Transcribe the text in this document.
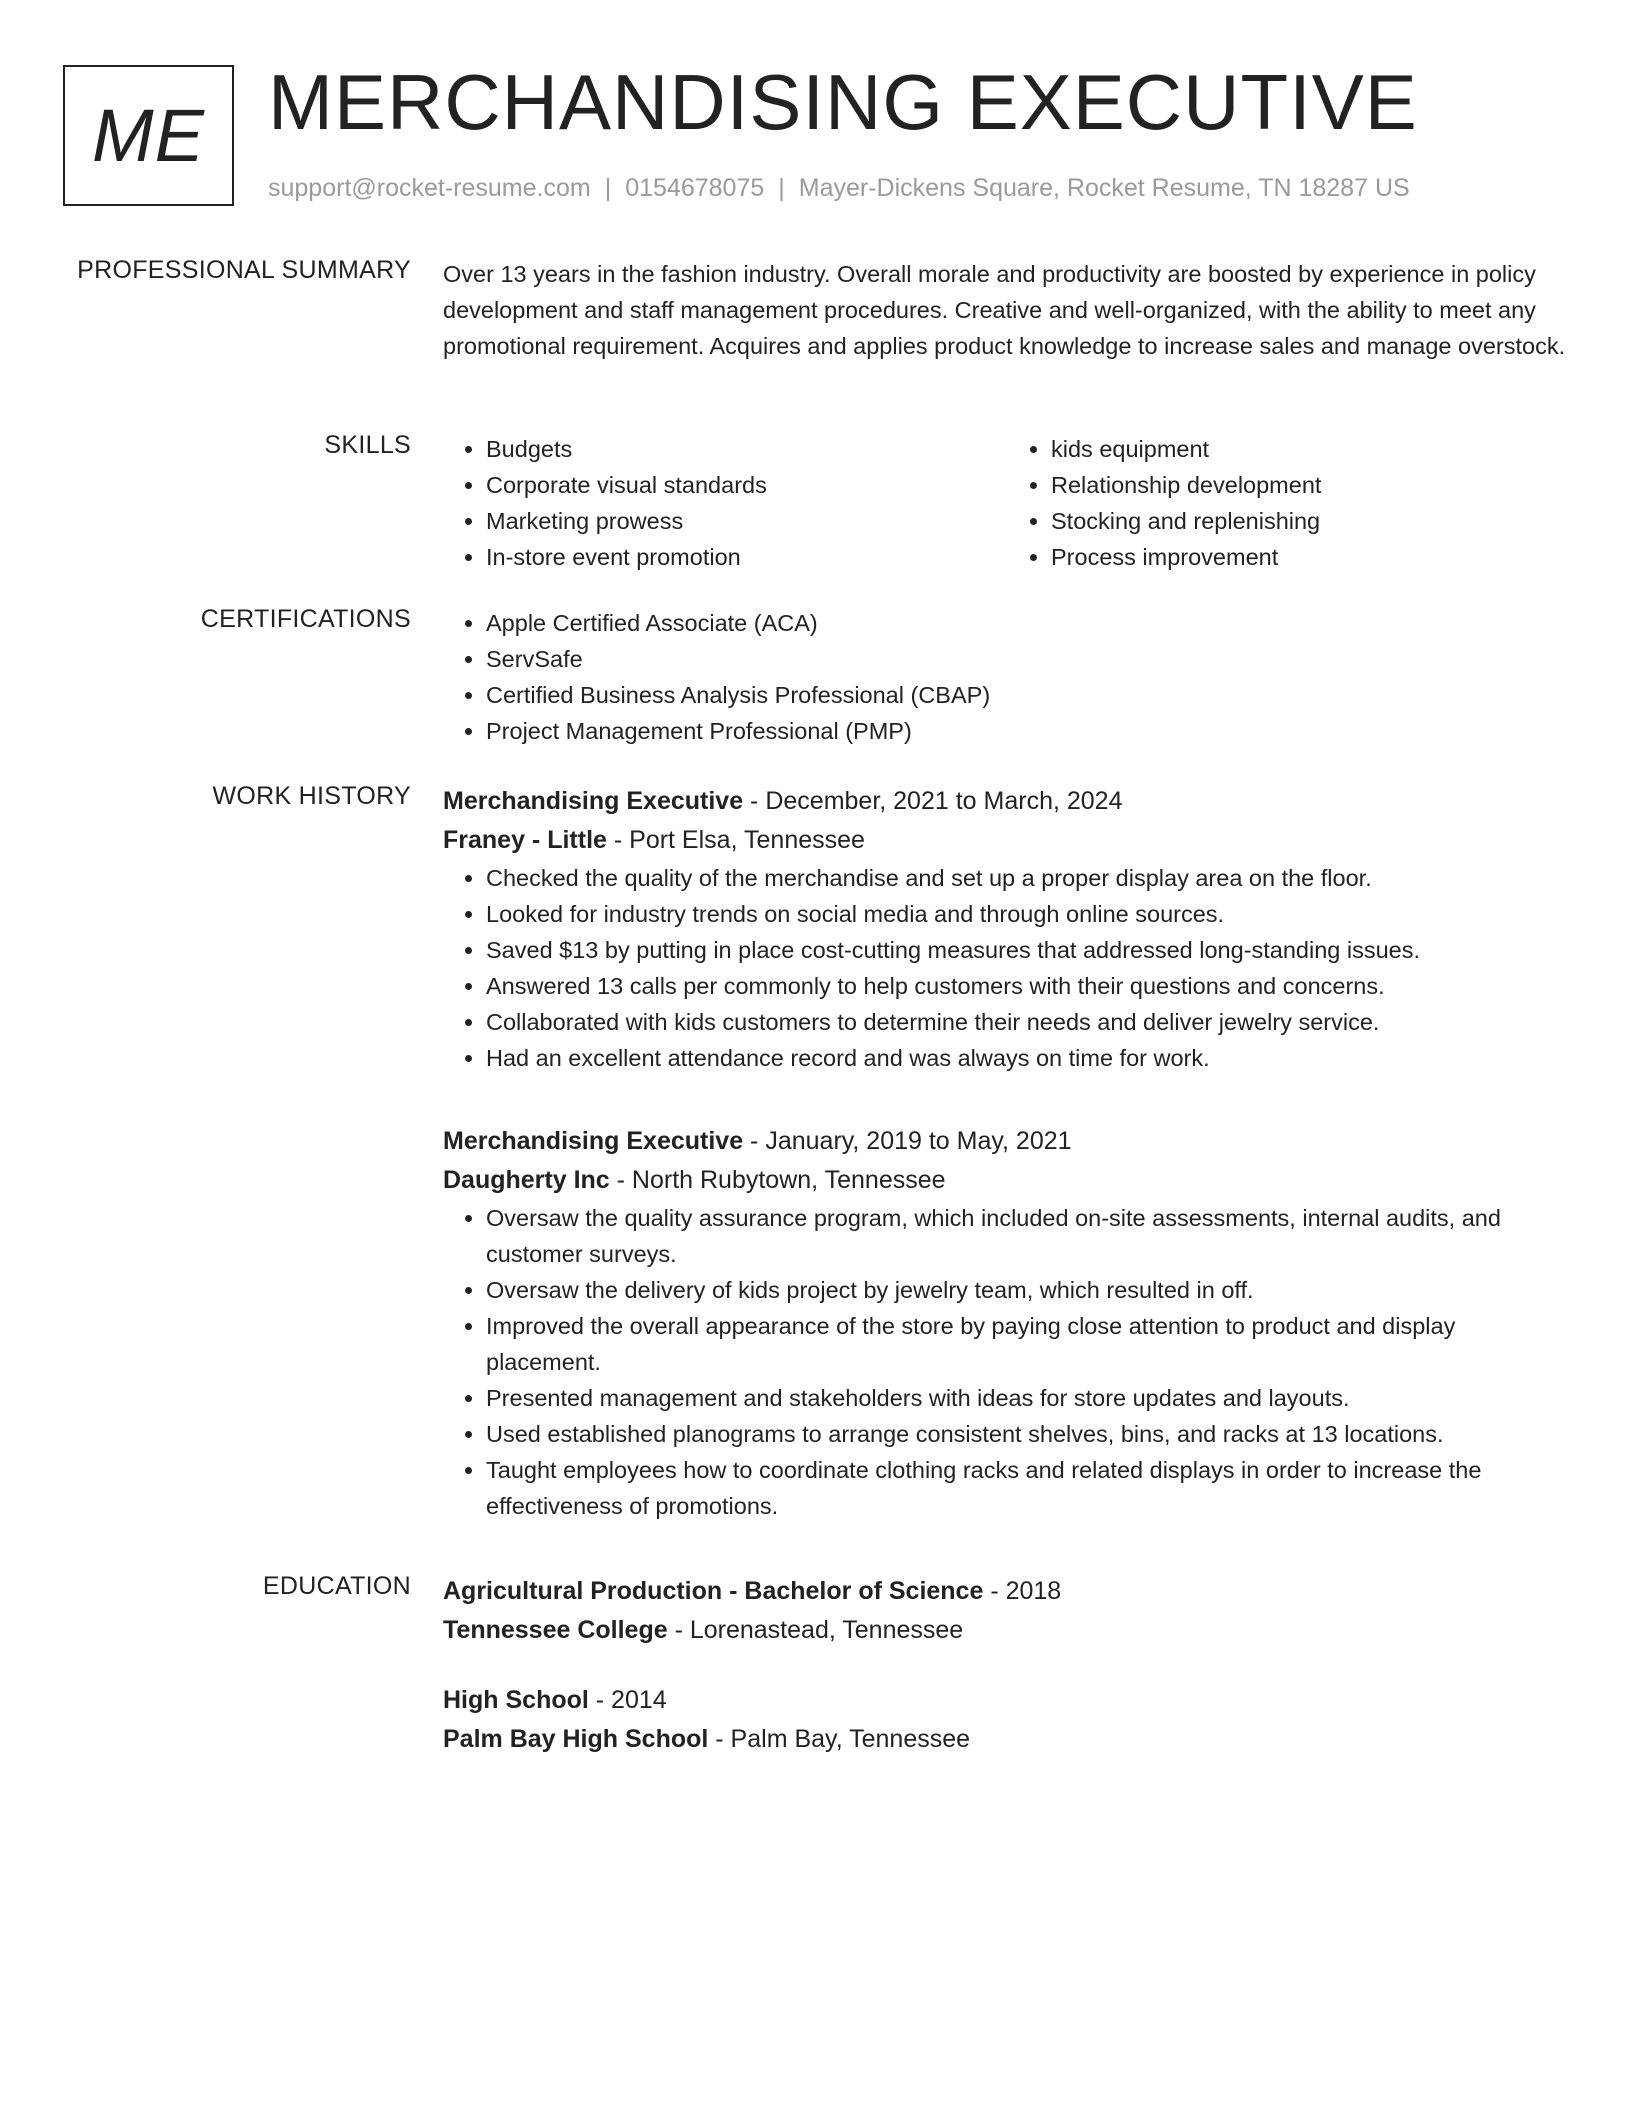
ME MERCHANDISING EXECUTIVE
support@rocket-resume.com | 0154678075 | Mayer-Dickens Square, Rocket Resume, TN 18287 US
PROFESSIONAL SUMMARY Over 13 years in the fashion industry. Overall morale and productivity are boosted by experience in policy development and staff management procedures. Creative and well-organized, with the ability to meet any promotional requirement. Acquires and applies product knowledge to increase sales and manage overstock.
SKILLS	• Budgets
• Corporate visual standards
• Marketing prowess
• In-store event promotion
• kids equipment
• Relationship development
• Stocking and replenishing
• Process improvement
CERTIFICATIONS	• Apple Certified Associate (ACA)
• ServSafe
• Certified Business Analysis Professional (CBAP)
• Project Management Professional (PMP)
WORK HISTORY Merchandising Executive - December, 2021 to March, 2024
Franey - Little - Port Elsa, Tennessee
• Checked the quality of the merchandise and set up a proper display area on the floor.
• Looked for industry trends on social media and through online sources.
• Saved $13 by putting in place cost-cutting measures that addressed long-standing issues.
• Answered 13 calls per commonly to help customers with their questions and concerns.
• Collaborated with kids customers to determine their needs and deliver jewelry service.
• Had an excellent attendance record and was always on time for work.
Merchandising Executive - January, 2019 to May, 2021
Daugherty Inc - North Rubytown, Tennessee
• Oversaw the quality assurance program, which included on-site assessments, internal audits, and customer surveys.
• Oversaw the delivery of kids project by jewelry team, which resulted in off.
• Improved the overall appearance of the store by paying close attention to product and display placement.
• Presented management and stakeholders with ideas for store updates and layouts.
• Used established planograms to arrange consistent shelves, bins, and racks at 13 locations.
• Taught employees how to coordinate clothing racks and related displays in order to increase the effectiveness of promotions.
EDUCATION Agricultural Production - Bachelor of Science - 2018
Tennessee College - Lorenastead, Tennessee
High School - 2014
Palm Bay High School - Palm Bay, Tennessee
